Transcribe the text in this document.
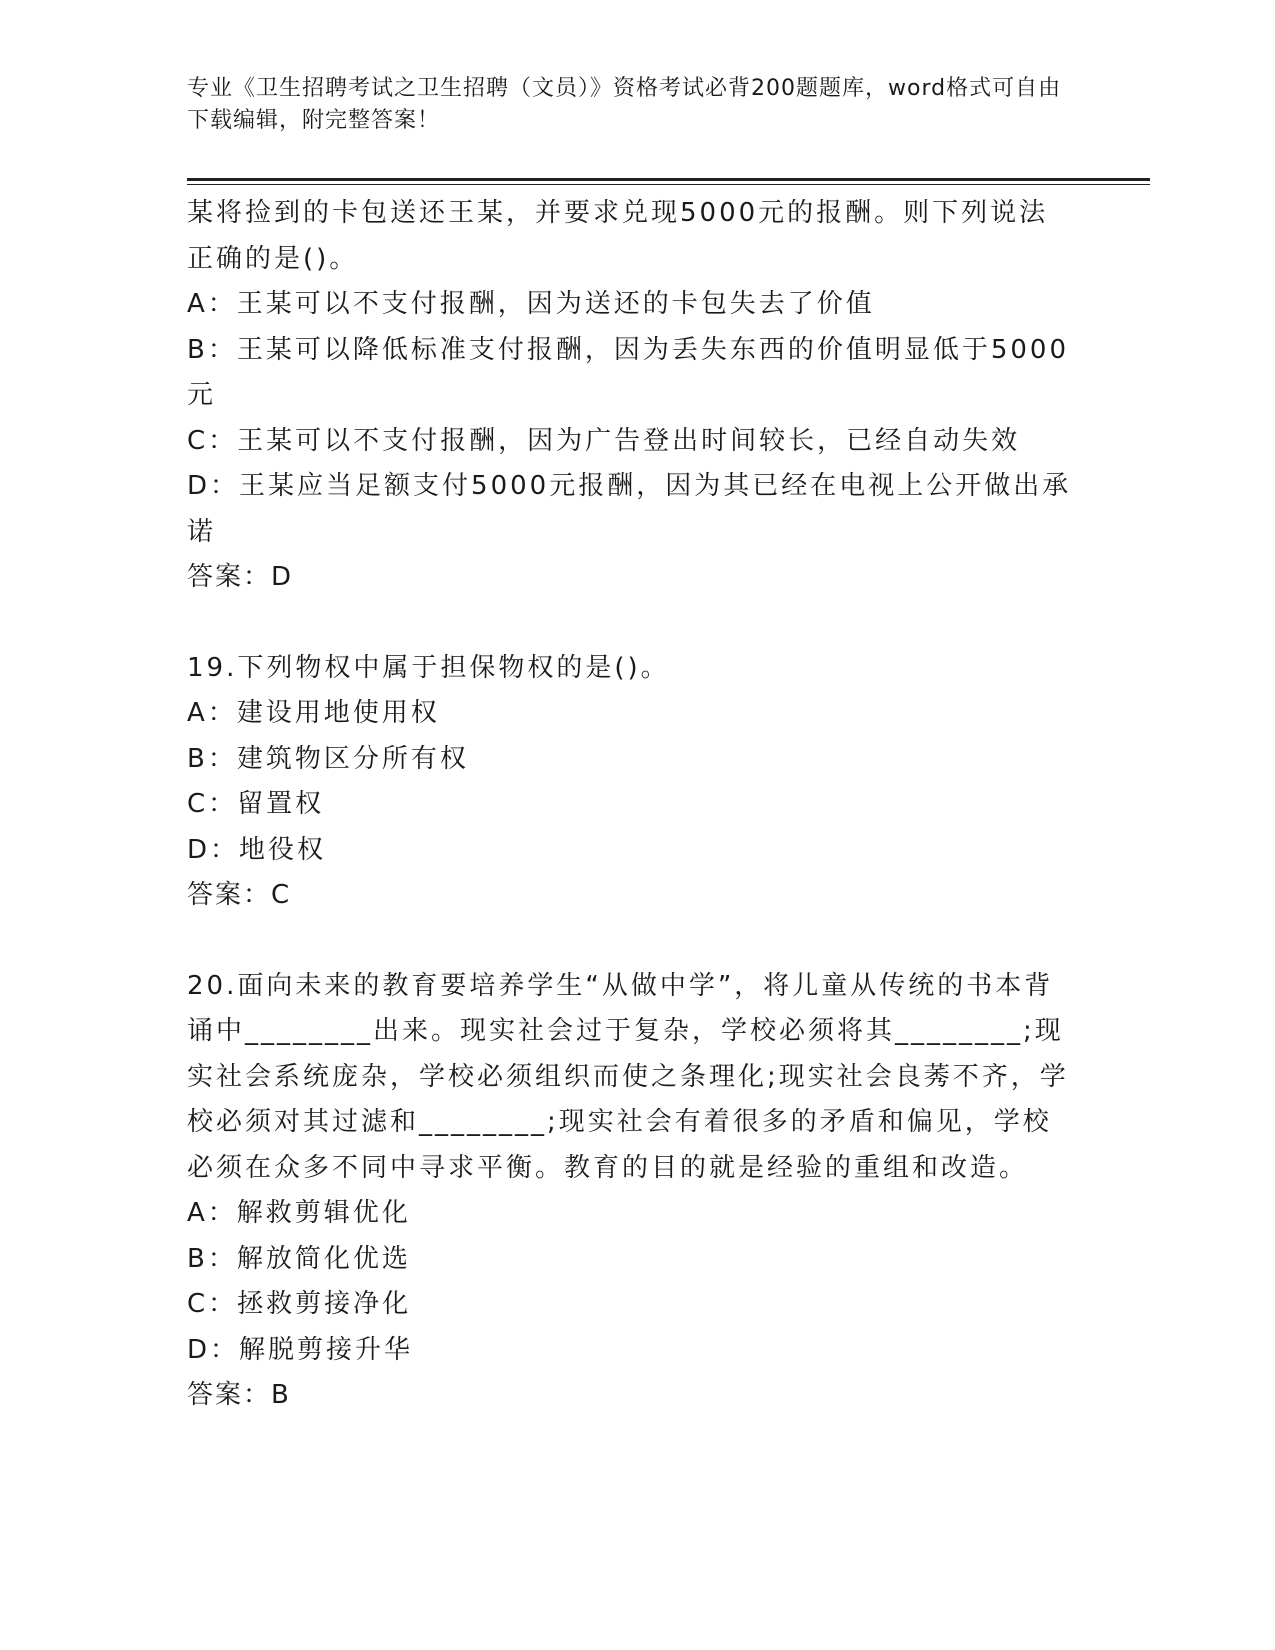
专业《卫生招聘考试之卫生招聘（文员）》资格考试必背200题题库，word格式可自由下载编辑，附完整答案！

某将捡到的卡包送还王某，并要求兑现5000元的报酬。则下列说法正确的是()。

A：王某可以不支付报酬，因为送还的卡包失去了价值

B：王某可以降低标准支付报酬，因为丢失东西的价值明显低于5000元

C：王某可以不支付报酬，因为广告登出时间较长，已经自动失效

D：王某应当足额支付5000元报酬，因为其已经在电视上公开做出承诺

答案：D

19.下列物权中属于担保物权的是()。

A：建设用地使用权

B：建筑物区分所有权

C：留置权

D：地役权

答案：C

20.面向未来的教育要培养学生“从做中学”，将儿童从传统的书本背诵中________出来。现实社会过于复杂，学校必须将其________;现实社会系统庞杂，学校必须组织而使之条理化;现实社会良莠不齐，学校必须对其过滤和________;现实社会有着很多的矛盾和偏见，学校必须在众多不同中寻求平衡。教育的目的就是经验的重组和改造。

A：解救剪辑优化

B：解放简化优选

C：拯救剪接净化

D：解脱剪接升华

答案：B
